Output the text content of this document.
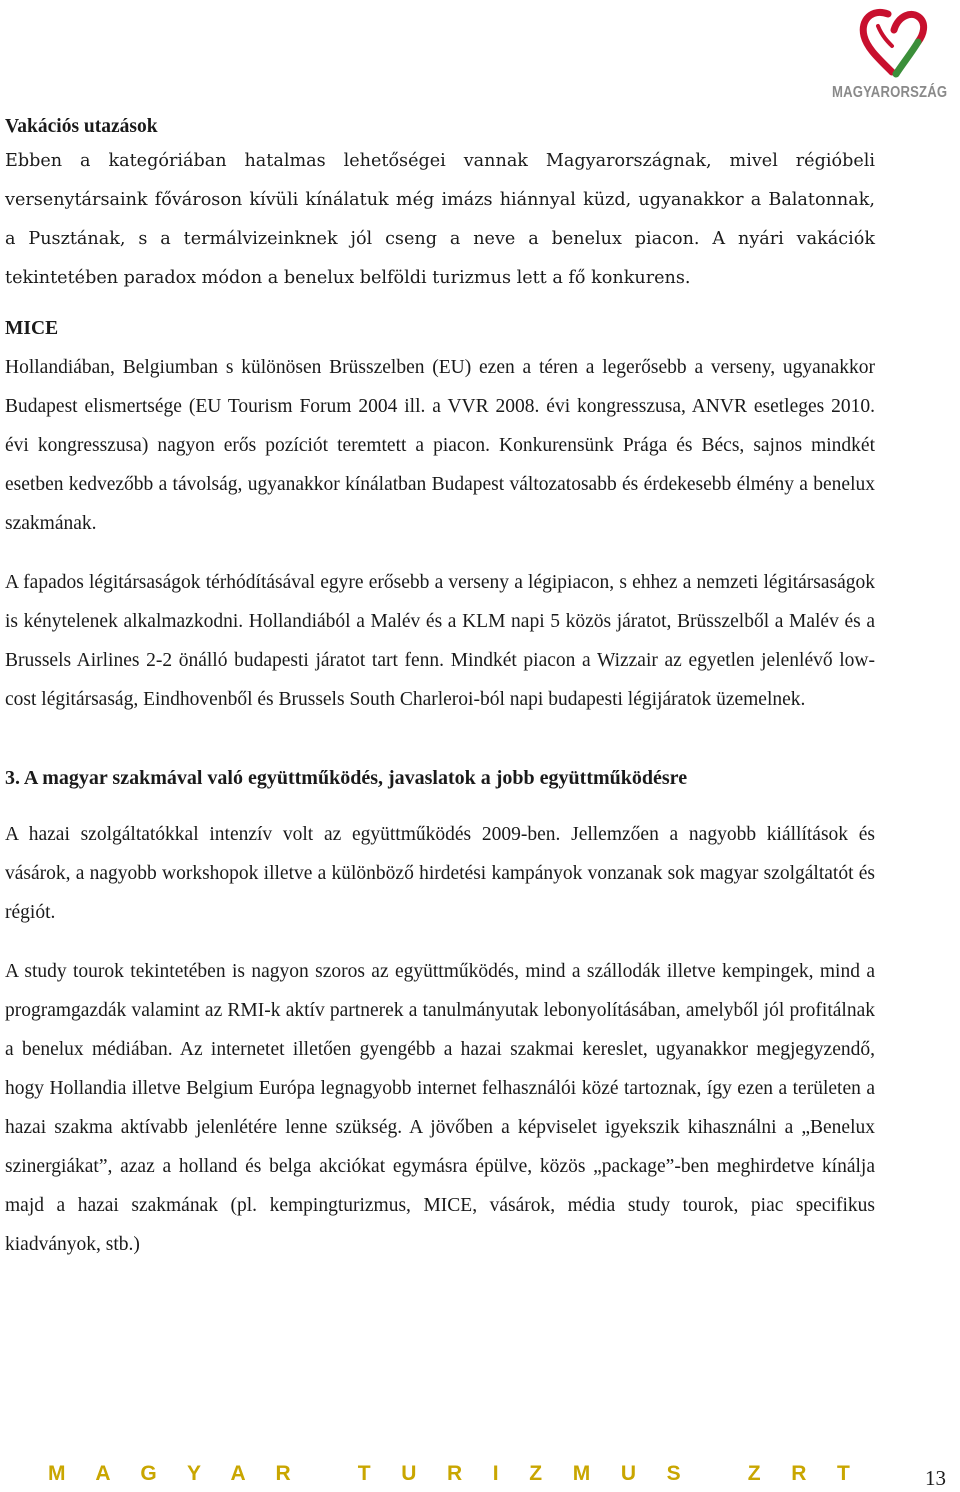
MAGYARORSZÁG
Vakációs utazások

Ebben a kategóriában hatalmas lehetőségei vannak Magyarországnak, mivel régióbeli versenytársaink fővároson kívüli kínálatuk még imázs hiánnyal küzd, ugyanakkor a Balatonnak, a Pusztának, s a termálvizeinknek jól cseng a neve a benelux piacon. A nyári vakációk tekintetében paradox módon a benelux belföldi turizmus lett a fő konkurens.

MICE

Hollandiában, Belgiumban s különösen Brüsszelben (EU) ezen a téren a legerősebb a verseny, ugyanakkor Budapest elismertsége (EU Tourism Forum 2004 ill. a VVR 2008. évi kongresszusa, ANVR esetleges 2010. évi kongresszusa) nagyon erős pozíciót teremtett a piacon. Konkurensünk Prága és Bécs, sajnos mindkét esetben kedvezőbb a távolság, ugyanakkor kínálatban Budapest változatosabb és érdekesebb élmény a benelux szakmának.

A fapados légitársaságok térhódításával egyre erősebb a verseny a légipiacon, s ehhez a nemzeti légitársaságok is kénytelenek alkalmazkodni. Hollandiából a Malév és a KLM napi 5 közös járatot, Brüsszelből a Malév és a Brussels Airlines 2-2 önálló budapesti járatot tart fenn. Mindkét piacon a Wizzair az egyetlen jelenlévő low-cost légitársaság, Eindhovenből és Brussels South Charleroi-ból napi budapesti légijáratok üzemelnek.

3. A magyar szakmával való együttműködés, javaslatok a jobb együttműködésre

A hazai szolgáltatókkal intenzív volt az együttműködés 2009-ben. Jellemzően a nagyobb kiállítások és vásárok, a nagyobb workshopok illetve a különböző hirdetési kampányok vonzanak sok magyar szolgáltatót és régiót.

A study tourok tekintetében is nagyon szoros az együttműködés, mind a szállodák illetve kempingek, mind a programgazdák valamint az RMI-k aktív partnerek a tanulmányutak lebonyolításában, amelyből jól profitálnak a benelux médiában. Az internetet illetően gyengébb a hazai szakmai kereslet, ugyanakkor megjegyzendő, hogy Hollandia illetve Belgium Európa legnagyobb internet felhasználói közé tartoznak, így ezen a területen a hazai szakma aktívabb jelenlétére lenne szükség. A jövőben a képviselet igyekszik kihasználni a „Benelux szinergiákat”, azaz a holland és belga akciókat egymásra épülve, közös „package”-ben meghirdetve kínálja majd a hazai szakmának (pl. kempingturizmus, MICE, vásárok, média study tourok, piac specifikus kiadványok, stb.)

M A G Y A R   T U R I Z M U S   Z R T	13
